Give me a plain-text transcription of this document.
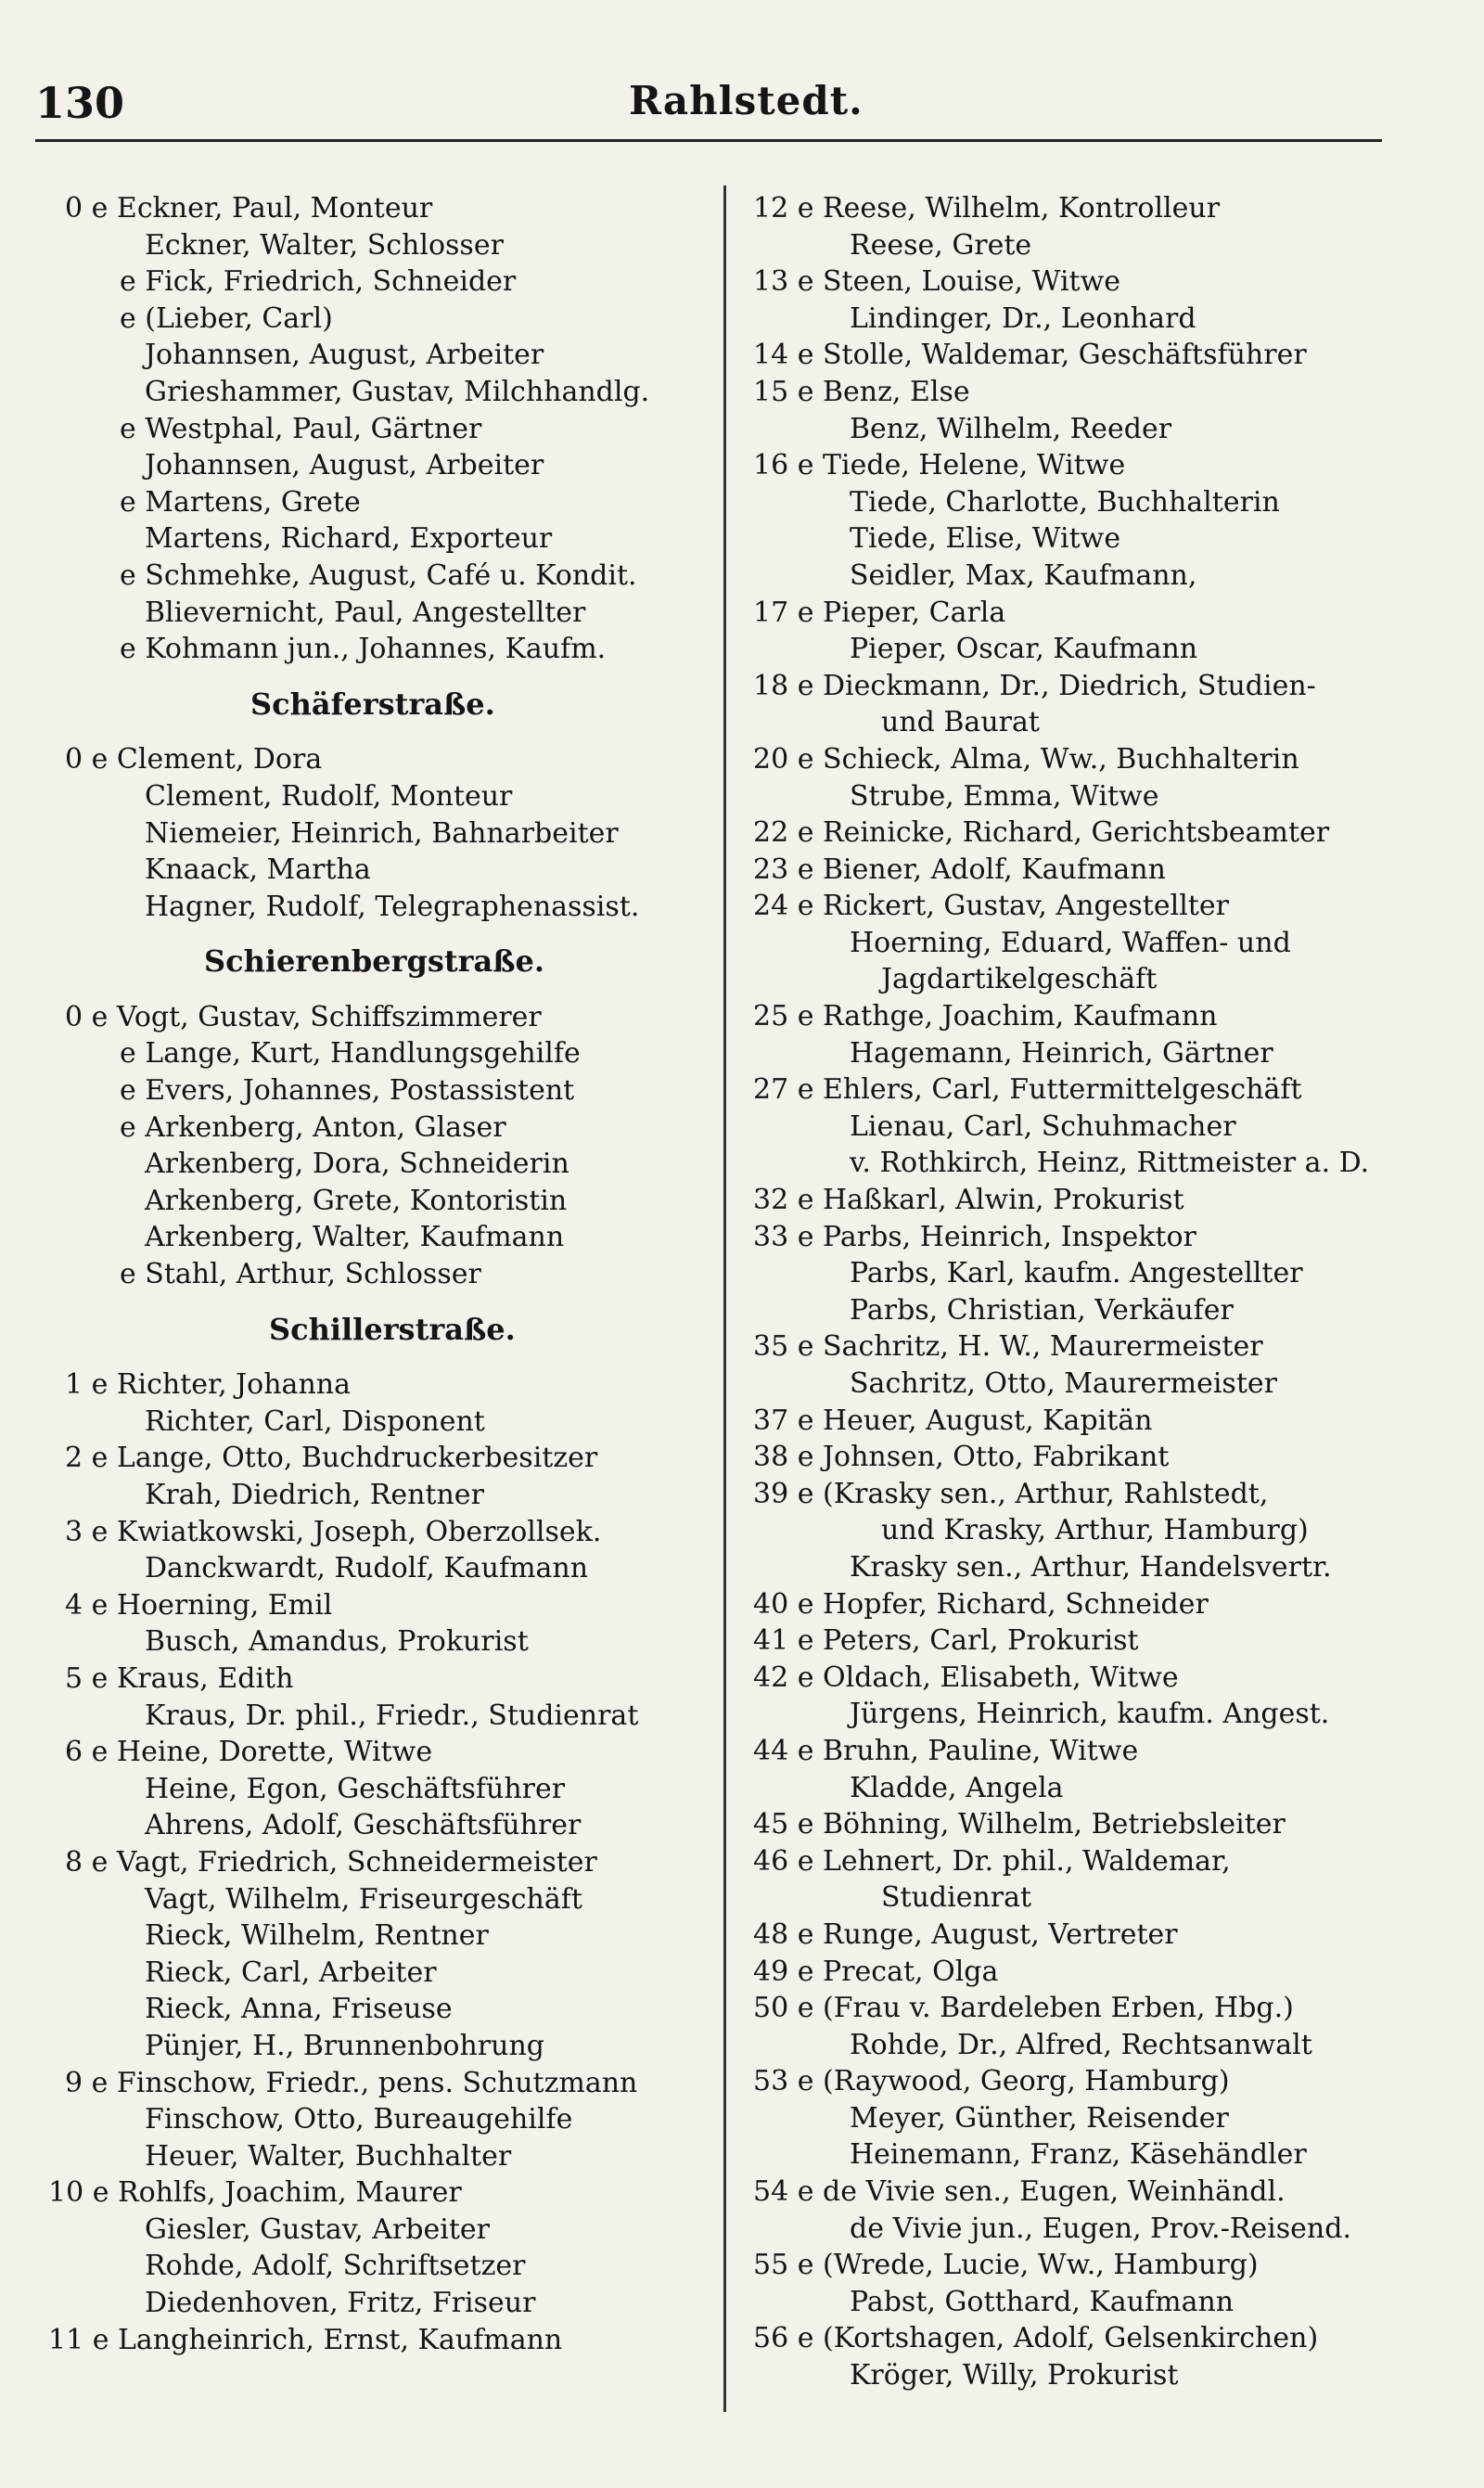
130	Rahlstedt.
0 e Eckner, Paul, Monteur
Eckner, Walter, Schlosser
e Fick, Friedrich, Schneider
e (Lieber, Carl)
Johannsen, August, Arbeiter
Grieshammer, Gustav, Milchhandlg.
e Westphal, Paul, Gärtner
Johannsen, August, Arbeiter
e Martens, Grete
Martens, Richard, Exporteur
e Schmehke, August, Café u. Kondit.
Blievernicht, Paul, Angestellter
e Kohmann jun., Johannes, Kaufm.
Schäferstraße.
0 e Clement, Dora
Clement, Rudolf, Monteur
Niemeier, Heinrich, Bahnarbeiter
Knaack, Martha
Hagner, Rudolf, Telegraphenassist.
Schierenbergstraße.
0 e Vogt, Gustav, Schiffszimmerer
e Lange, Kurt, Handlungsgehilfe
e Evers, Johannes, Postassistent
e Arkenberg, Anton, Glaser
Arkenberg, Dora, Schneiderin
Arkenberg, Grete, Kontoristin
Arkenberg, Walter, Kaufmann
e Stahl, Arthur, Schlosser
Schillerstraße.
1 e Richter, Johanna
Richter, Carl, Disponent
2 e Lange, Otto, Buchdruckerbesitzer
Krah, Diedrich, Rentner
3 e Kwiatkowski, Joseph, Oberzollsek.
Danckwardt, Rudolf, Kaufmann
4 e Hoerning, Emil
Busch, Amandus, Prokurist
5 e Kraus, Edith
Kraus, Dr. phil., Friedr., Studienrat
6 e Heine, Dorette, Witwe
Heine, Egon, Geschäftsführer
Ahrens, Adolf, Geschäftsführer
8 e Vagt, Friedrich, Schneidermeister
Vagt, Wilhelm, Friseurgeschäft
Rieck, Wilhelm, Rentner
Rieck, Carl, Arbeiter
Rieck, Anna, Friseuse
Pünjer, H., Brunnenbohrung
9 e Finschow, Friedr., pens. Schutzmann
Finschow, Otto, Bureaugehilfe
Heuer, Walter, Buchhalter
10 e Rohlfs, Joachim, Maurer
Giesler, Gustav, Arbeiter
Rohde, Adolf, Schriftsetzer
Diedenhoven, Fritz, Friseur
11 e Langheinrich, Ernst, Kaufmann
12 e Reese, Wilhelm, Kontrolleur
Reese, Grete
13 e Steen, Louise, Witwe
Lindinger, Dr., Leonhard
14 e Stolle, Waldemar, Geschäftsführer
15 e Benz, Else
Benz, Wilhelm, Reeder
16 e Tiede, Helene, Witwe
Tiede, Charlotte, Buchhalterin
Tiede, Elise, Witwe
Seidler, Max, Kaufmann,
17 e Pieper, Carla
Pieper, Oscar, Kaufmann
18 e Dieckmann, Dr., Diedrich, Studien-
und Baurat
20 e Schieck, Alma, Ww., Buchhalterin
Strube, Emma, Witwe
22 e Reinicke, Richard, Gerichtsbeamter
23 e Biener, Adolf, Kaufmann
24 e Rickert, Gustav, Angestellter
Hoerning, Eduard, Waffen- und
Jagdartikelgeschäft
25 e Rathge, Joachim, Kaufmann
Hagemann, Heinrich, Gärtner
27 e Ehlers, Carl, Futtermittelgeschäft
Lienau, Carl, Schuhmacher
v. Rothkirch, Heinz, Rittmeister a. D.
32 e Haßkarl, Alwin, Prokurist
33 e Parbs, Heinrich, Inspektor
Parbs, Karl, kaufm. Angestellter
Parbs, Christian, Verkäufer
35 e Sachritz, H. W., Maurermeister
Sachritz, Otto, Maurermeister
37 e Heuer, August, Kapitän
38 e Johnsen, Otto, Fabrikant
39 e (Krasky sen., Arthur, Rahlstedt,
und Krasky, Arthur, Hamburg)
Krasky sen., Arthur, Handelsvertr.
40 e Hopfer, Richard, Schneider
41 e Peters, Carl, Prokurist
42 e Oldach, Elisabeth, Witwe
Jürgens, Heinrich, kaufm. Angest.
44 e Bruhn, Pauline, Witwe
Kladde, Angela
45 e Böhning, Wilhelm, Betriebsleiter
46 e Lehnert, Dr. phil., Waldemar,
Studienrat
48 e Runge, August, Vertreter
49 e Precat, Olga
50 e (Frau v. Bardeleben Erben, Hbg.)
Rohde, Dr., Alfred, Rechtsanwalt
53 e (Raywood, Georg, Hamburg)
Meyer, Günther, Reisender
Heinemann, Franz, Käsehändler
54 e de Vivie sen., Eugen, Weinhändl.
de Vivie jun., Eugen, Prov.-Reisend.
55 e (Wrede, Lucie, Ww., Hamburg)
Pabst, Gotthard, Kaufmann
56 e (Kortshagen, Adolf, Gelsenkirchen)
Kröger, Willy, Prokurist
